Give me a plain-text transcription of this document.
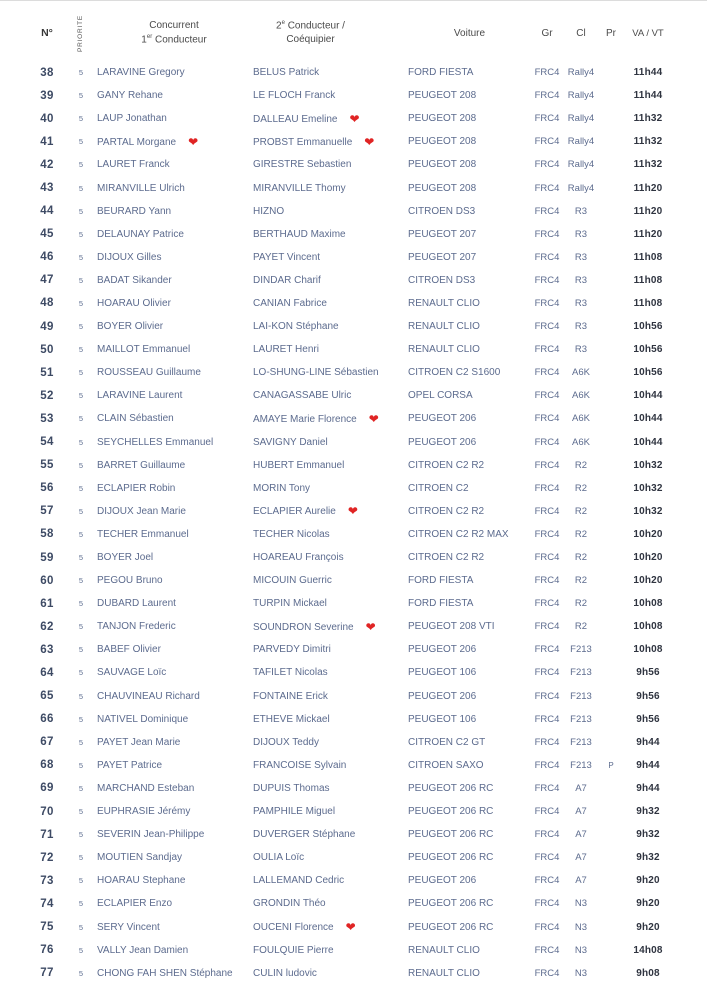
N°	PRIORITE	Concurrent
1er Conducteur
2e Conducteur /
Coéquipier
Voiture	Gr	Cl	Pr	VA / VT
38	5	LARAVINE Gregory	BELUS Patrick	FORD FIESTA	FRC4 Rally4	11h44
39	5	GANY Rehane	LE FLOCH Franck	PEUGEOT 208	FRC4 Rally4	11h44
40	5	LAUP Jonathan	DALLEAU Emeline ❤	PEUGEOT 208	FRC4 Rally4	11h32
41	5	PARTAL Morgane ❤	PROBST Emmanuelle ❤	PEUGEOT 208	FRC4 Rally4	11h32
42	5	LAURET Franck	GIRESTRE Sebastien	PEUGEOT 208	FRC4 Rally4	11h32
43	5	MIRANVILLE Ulrich	MIRANVILLE Thomy	PEUGEOT 208	FRC4 Rally4	11h20
44	5	BEURARD Yann	HIZNO	CITROEN DS3	FRC4	R3	11h20
45	5	DELAUNAY Patrice	BERTHAUD Maxime	PEUGEOT 207	FRC4	R3	11h20
46	5	DIJOUX Gilles	PAYET Vincent	PEUGEOT 207	FRC4	R3	11h08
47	5	BADAT Sikander	DINDAR Charif	CITROEN DS3	FRC4	R3	11h08
48	5	HOARAU Olivier	CANIAN Fabrice	RENAULT CLIO	FRC4	R3	11h08
49	5	BOYER Olivier	LAI-KON Stéphane	RENAULT CLIO	FRC4	R3	10h56
50	5	MAILLOT Emmanuel	LAURET Henri	RENAULT CLIO	FRC4	R3	10h56
51	5	ROUSSEAU Guillaume	LO-SHUNG-LINE Sébastien	CITROEN C2 S1600	FRC4	A6K	10h56
52	5	LARAVINE Laurent	CANAGASSABE Ulric	OPEL CORSA	FRC4	A6K	10h44
53	5	CLAIN Sébastien	AMAYE Marie Florence ❤	PEUGEOT 206	FRC4	A6K	10h44
54	5	SEYCHELLES Emmanuel	SAVIGNY Daniel	PEUGEOT 206	FRC4	A6K	10h44
55	5	BARRET Guillaume	HUBERT Emmanuel	CITROEN C2 R2	FRC4	R2	10h32
56	5	ECLAPIER Robin	MORIN Tony	CITROEN C2	FRC4	R2	10h32
57	5	DIJOUX Jean Marie	ECLAPIER Aurelie ❤	CITROEN C2 R2	FRC4	R2	10h32
58	5	TECHER Emmanuel	TECHER Nicolas	CITROEN C2 R2 MAX	FRC4	R2	10h20
59	5	BOYER Joel	HOAREAU François	CITROEN C2 R2	FRC4	R2	10h20
60	5	PEGOU Bruno	MICOUIN Guerric	FORD FIESTA	FRC4	R2	10h20
61	5	DUBARD Laurent	TURPIN Mickael	FORD FIESTA	FRC4	R2	10h08
62	5	TANJON Frederic	SOUNDRON Severine ❤	PEUGEOT 208 VTI	FRC4	R2	10h08
63	5	BABEF Olivier	PARVEDY Dimitri	PEUGEOT 206	FRC4	F213	10h08
64	5	SAUVAGE Loïc	TAFILET Nicolas	PEUGEOT 106	FRC4	F213	9h56
65	5	CHAUVINEAU Richard	FONTAINE Erick	PEUGEOT 206	FRC4	F213	9h56
66	5	NATIVEL Dominique	ETHEVE Mickael	PEUGEOT 106	FRC4	F213	9h56
67	5	PAYET Jean Marie	DIJOUX Teddy	CITROEN C2 GT	FRC4	F213	9h44
68	5	PAYET Patrice	FRANCOISE Sylvain	CITROEN SAXO	FRC4	F213	P	9h44
69	5	MARCHAND Esteban	DUPUIS Thomas	PEUGEOT 206 RC	FRC4	A7	9h44
70	5	EUPHRASIE Jérémy	PAMPHILE Miguel	PEUGEOT 206 RC	FRC4	A7	9h32
71	5	SEVERIN Jean-Philippe	DUVERGER Stéphane	PEUGEOT 206 RC	FRC4	A7	9h32
72	5	MOUTIEN Sandjay	OULIA Loïc	PEUGEOT 206 RC	FRC4	A7	9h32
73	5	HOARAU Stephane	LALLEMAND Cedric	PEUGEOT 206	FRC4	A7	9h20
74	5	ECLAPIER Enzo	GRONDIN Théo	PEUGEOT 206 RC	FRC4	N3	9h20
75	5	SERY Vincent	OUCENI Florence ❤	PEUGEOT 206 RC	FRC4	N3	9h20
76	5	VALLY Jean Damien	FOULQUIE Pierre	RENAULT CLIO	FRC4	N3	14h08
77	5	CHONG FAH SHEN Stéphane	CULIN ludovic	RENAULT CLIO	FRC4	N3	9h08
